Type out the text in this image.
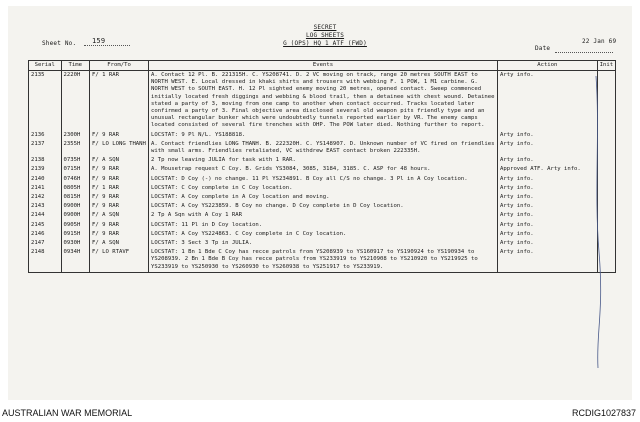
SECRET
LOG SHEETS
G (OPS) HQ 1 ATF (FWD)
Sheet No. 159	22 Jan 69
Date
Serial	Time	From/To	Events	Action	Init
2135	2220H	F/ 1 RAR	A. Contact 12 Pl. B. 221315H. C. YS208741. D. 2 VC moving on track, range 20 metres SOUTH EAST to NORTH WEST. E. Local dressed in khaki shirts and trousers with webbing F. 1 POW, 1 M1 carbine. G. NORTH WEST to SOUTH EAST. H. 12 Pl sighted enemy moving 20 metres, opened contact. Sweep commenced initially located fresh diggings and webbing & blood trail, then a detainee with chest wound. Detainee stated a party of 3, moving from one camp to another when contact occurred. Tracks located later confirmed a party of 3. Final objective area disclosed several old weapon pits friendly type and an unusual rectangular bunker which were undoubtedly tunnels reported earlier by VR. The enemy camps located consisted of several fire trenches with OHP. The POW later died. Nothing further to report.	Arty info.	
2136	2300H	F/ 9 RAR	LOCSTAT: 9 Pl N/L. YS188818.	Arty info.	
2137	2355H	F/ LO LONG THANH	A. Contact friendlies LONG THANH. B. 222320H. C. YS148907. D. Unknown number of VC fired on friendlies with small arms. Friendlies retaliated, VC withdrew EAST contact broken 222335H.	Arty info.	
2138	0735H	F/ A SQN	2 Tp now leaving JULIA for task with 1 RAR.	Arty info.	
2139	0715H	F/ 9 RAR	A. Mousetrap request C Coy. B. Grids YS3084, 3085, 3184, 3185. C. ASP for 48 hours.	Approved ATF. Arty info.	
2140	0746H	F/ 9 RAR	LOCSTAT: D Coy (-) no change. 11 Pl YS234891. B Coy all C/S no change. 3 Pl in A Coy location.	Arty info.	
2141	0805H	F/ 1 RAR	LOCSTAT: C Coy complete in C Coy location.	Arty info.	
2142	0815H	F/ 9 RAR	LOCSTAT: A Coy complete in A Coy location and moving.	Arty info.	
2143	0900H	F/ 9 RAR	LOCSTAT: A Coy YS223859. B Coy no change. D Coy complete in D Coy location.	Arty info.	
2144	0900H	F/ A SQN	2 Tp A Sqn with A Coy 1 RAR	Arty info.	
2145	0905H	F/ 9 RAR	LOCSTAT: 11 Pl in D Coy location.	Arty info.	
2146	0915H	F/ 9 RAR	LOCSTAT: A Coy YS224863. C Coy complete in C Coy location.	Arty info.	
2147	0930H	F/ A SQN	LOCSTAT: 3 Sect 3 Tp in JULIA.	Arty info.	
2148	0934H	F/ LO RTAVF	LOCSTAT: 1 Bn 1 Bde C Coy has recce patrols from YS208939 to YS160917 to YS190924 to YS190934 to YS208939. 2 Bn 1 Bde B Coy has recce patrols from YS233919 to YS210908 to YS210920 to YS219925 to YS233919 to YS250930 to YS260930 to YS260938 to YS251917 to YS233919.	Arty info.	
AUSTRALIAN WAR MEMORIAL	RCDIG1027837
